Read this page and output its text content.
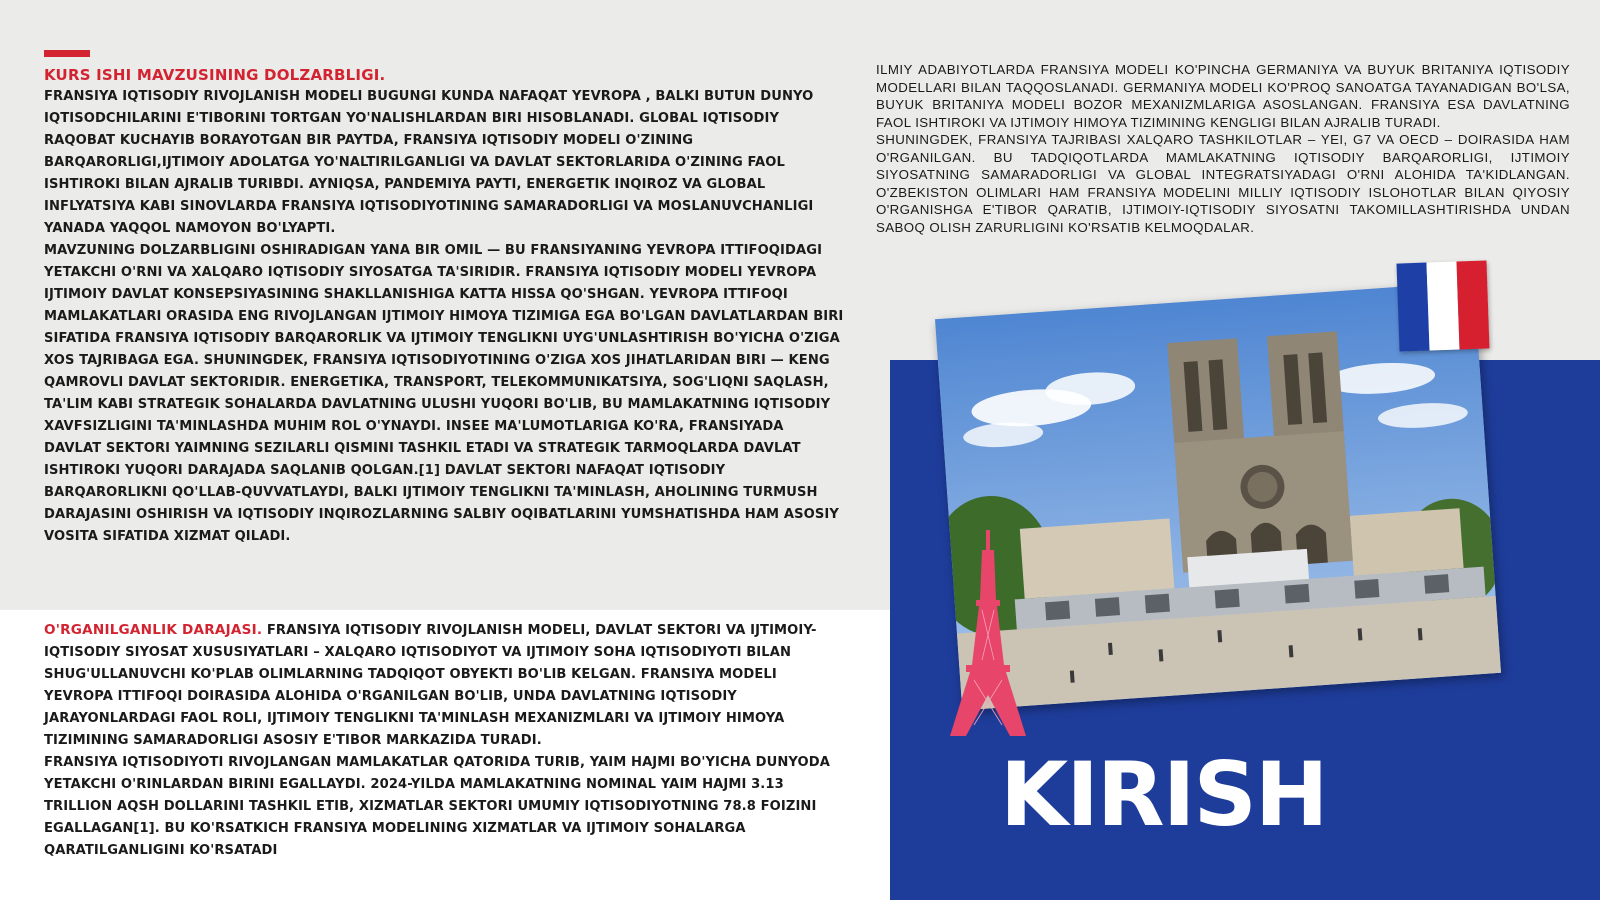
KURS ISHI MAVZUSINING DOLZARBLIGI.

FRANSIYA IQTISODIY RIVOJLANISH MODELI BUGUNGI KUNDA NAFAQAT YEVROPA , BALKI BUTUN DUNYO IQTISODCHILARINI E'TIBORINI TORTGAN YO'NALISHLARDAN BIRI HISOBLANADI. GLOBAL IQTISODIY RAQOBAT KUCHAYIB BORAYOTGAN BIR PAYTDA, FRANSIYA IQTISODIY MODELI O'ZINING BARQARORLIGI,IJTIMOIY ADOLATGA YO'NALTIRILGANLIGI VA DAVLAT SEKTORLARIDA O'ZINING FAOL ISHTIROKI BILAN AJRALIB TURIBDI. AYNIQSA, PANDEMIYA PAYTI, ENERGETIK INQIROZ VA GLOBAL INFLYATSIYA KABI SINOVLARDA FRANSIYA IQTISODIYOTINING SAMARADORLIGI VA MOSLANUVCHANLIGI YANADA YAQQOL NAMOYON BO'LYAPTI.

MAVZUNING DOLZARBLIGINI OSHIRADIGAN YANA BIR OMIL — BU FRANSIYANING YEVROPA ITTIFOQIDAGI YETAKCHI O'RNI VA XALQARO IQTISODIY SIYOSATGA TA'SIRIDIR. FRANSIYA IQTISODIY MODELI YEVROPA IJTIMOIY DAVLAT KONSEPSIYASINING SHAKLLANISHIGA KATTA HISSA QO'SHGAN. YEVROPA ITTIFOQI MAMLAKATLARI ORASIDA ENG RIVOJLANGAN IJTIMOIY HIMOYA TIZIMIGA EGA BO'LGAN DAVLATLARDAN BIRI SIFATIDA FRANSIYA IQTISODIY BARQARORLIK VA IJTIMOIY TENGLIKNI UYG'UNLASHTIRISH BO'YICHA O'ZIGA XOS TAJRIBAGA EGA. SHUNINGDEK, FRANSIYA IQTISODIYOTINING O'ZIGA XOS JIHATLARIDAN BIRI — KENG QAMROVLI DAVLAT SEKTORIDIR. ENERGETIKA, TRANSPORT, TELEKOMMUNIKATSIYA, SOG'LIQNI SAQLASH, TA'LIM KABI STRATEGIK SOHALARDA DAVLATNING ULUSHI YUQORI BO'LIB, BU MAMLAKATNING IQTISODIY XAVFSIZLIGINI TA'MINLASHDA MUHIM ROL O'YNAYDI. INSEE MA'LUMOTLARIGA KO'RA, FRANSIYADA DAVLAT SEKTORI YAIMNING SEZILARLI QISMINI TASHKIL ETADI VA STRATEGIK TARMOQLARDA DAVLAT ISHTIROKI YUQORI DARAJADA SAQLANIB QOLGAN.[1] DAVLAT SEKTORI NAFAQAT IQTISODIY BARQARORLIKNI QO'LLAB-QUVVATLAYDI, BALKI IJTIMOIY TENGLIKNI TA'MINLASH, AHOLINING TURMUSH DARAJASINI OSHIRISH VA IQTISODIY INQIROZLARNING SALBIY OQIBATLARINI YUMSHATISHDA HAM ASOSIY VOSITA SIFATIDA XIZMAT QILADI.

O'RGANILGANLIK DARAJASI. FRANSIYA IQTISODIY RIVOJLANISH MODELI, DAVLAT SEKTORI VA IJTIMOIY-IQTISODIY SIYOSAT XUSUSIYATLARI – XALQARO IQTISODIYOT VA IJTIMOIY SOHA IQTISODIYOTI BILAN SHUG'ULLANUVCHI KO'PLAB OLIMLARNING TADQIQOT OBYEKTI BO'LIB KELGAN. FRANSIYA MODELI YEVROPA ITTIFOQI DOIRASIDA ALOHIDA O'RGANILGAN BO'LIB, UNDA DAVLATNING IQTISODIY JARAYONLARDAGI FAOL ROLI, IJTIMOIY TENGLIKNI TA'MINLASH MEXANIZMLARI VA IJTIMOIY HIMOYA TIZIMINING SAMARADORLIGI ASOSIY E'TIBOR MARKAZIDA TURADI.

FRANSIYA IQTISODIYOTI RIVOJLANGAN MAMLAKATLAR QATORIDA TURIB, YAIM HAJMI BO'YICHA DUNYODA YETAKCHI O'RINLARDAN BIRINI EGALLAYDI. 2024-YILDA MAMLAKATNING NOMINAL YAIM HAJMI 3.13 TRILLION AQSH DOLLARINI TASHKIL ETIB, XIZMATLAR SEKTORI UMUMIY IQTISODIYOTNING 78.8 FOIZINI EGALLAGAN[1]. BU KO'RSATKICH FRANSIYA MODELINING XIZMATLAR VA IJTIMOIY SOHALARGA QARATILGANLIGINI KO'RSATADI

ILMIY ADABIYOTLARDA FRANSIYA MODELI KO'PINCHA GERMANIYA VA BUYUK BRITANIYA IQTISODIY MODELLARI BILAN TAQQOSLANADI. GERMANIYA MODELI KO'PROQ SANOATGA TAYANADIGAN BO'LSA, BUYUK BRITANIYA MODELI BOZOR MEXANIZMLARIGA ASOSLANGAN. FRANSIYA ESA DAVLATNING FAOL ISHTIROKI VA IJTIMOIY HIMOYA TIZIMINING KENGLIGI BILAN AJRALIB TURADI.

SHUNINGDEK, FRANSIYA TAJRIBASI XALQARO TASHKILOTLAR – YEI, G7 VA OECD – DOIRASIDA HAM O'RGANILGAN. BU TADQIQOTLARDA MAMLAKATNING IQTISODIY BARQARORLIGI, IJTIMOIY SIYOSATNING SAMARADORLIGI VA GLOBAL INTEGRATSIYADAGI O'RNI ALOHIDA TA'KIDLANGAN. O'ZBEKISTON OLIMLARI HAM FRANSIYA MODELINI MILLIY IQTISODIY ISLOHOTLAR BILAN QIYOSIY O'RGANISHGA E'TIBOR QARATIB, IJTIMOIY-IQTISODIY SIYOSATNI TAKOMILLASHTIRISHDA UNDAN SABOQ OLISH ZARURLIGINI KO'RSATIB KELMOQDALAR.

KIRISH
